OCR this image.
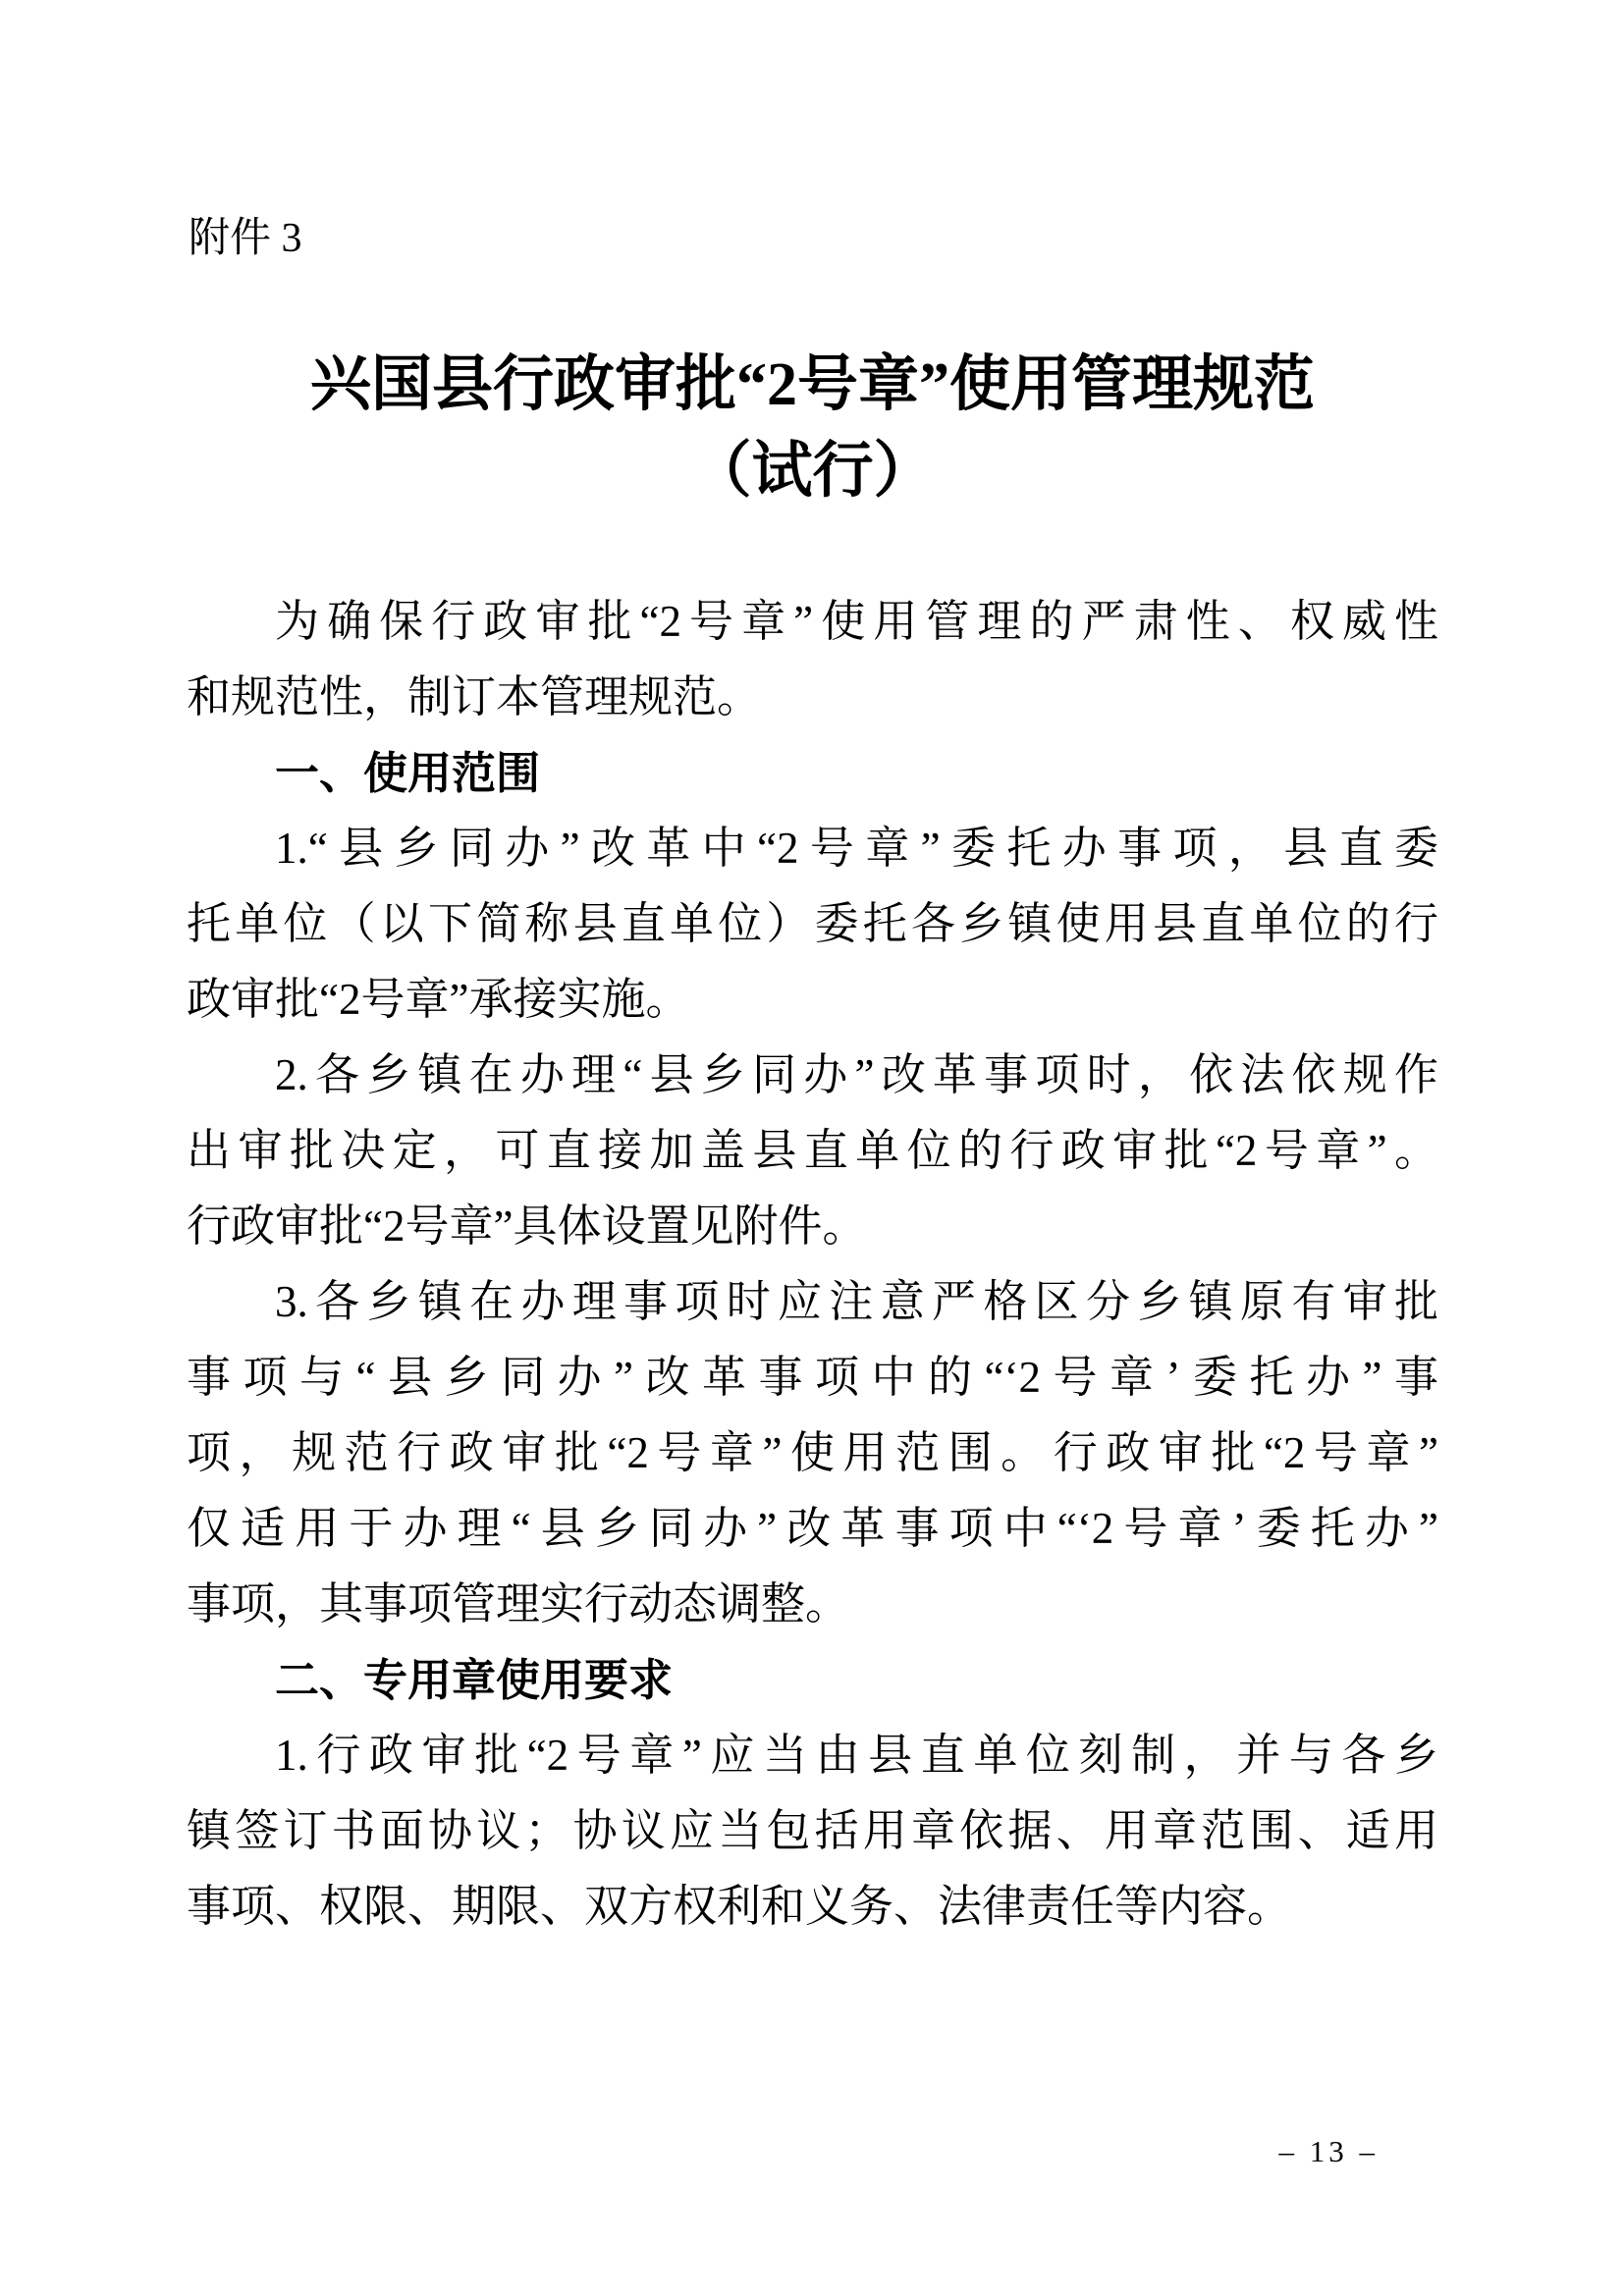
附件 3
兴国县行政审批“2号章”使用管理规范
（试行）
为确保行政审批“2号章”使用管理的严肃性、权威性
和规范性，制订本管理规范。
一、使用范围
1.“县乡同办”改革中“2号章”委托办事项，县直委
托单位（以下简称县直单位）委托各乡镇使用县直单位的行
政审批“2号章”承接实施。
2.各乡镇在办理“县乡同办”改革事项时，依法依规作
出审批决定，可直接加盖县直单位的行政审批“2号章”。
行政审批“2号章”具体设置见附件。
3.各乡镇在办理事项时应注意严格区分乡镇原有审批
事项与“县乡同办”改革事项中的“‘2号章’委托办”事
项，规范行政审批“2号章”使用范围。行政审批“2号章”
仅适用于办理“县乡同办”改革事项中“‘2号章’委托办”
事项，其事项管理实行动态调整。
二、专用章使用要求
1.行政审批“2号章”应当由县直单位刻制，并与各乡
镇签订书面协议；协议应当包括用章依据、用章范围、适用
事项、权限、期限、双方权利和义务、法律责任等内容。
– 13 –
